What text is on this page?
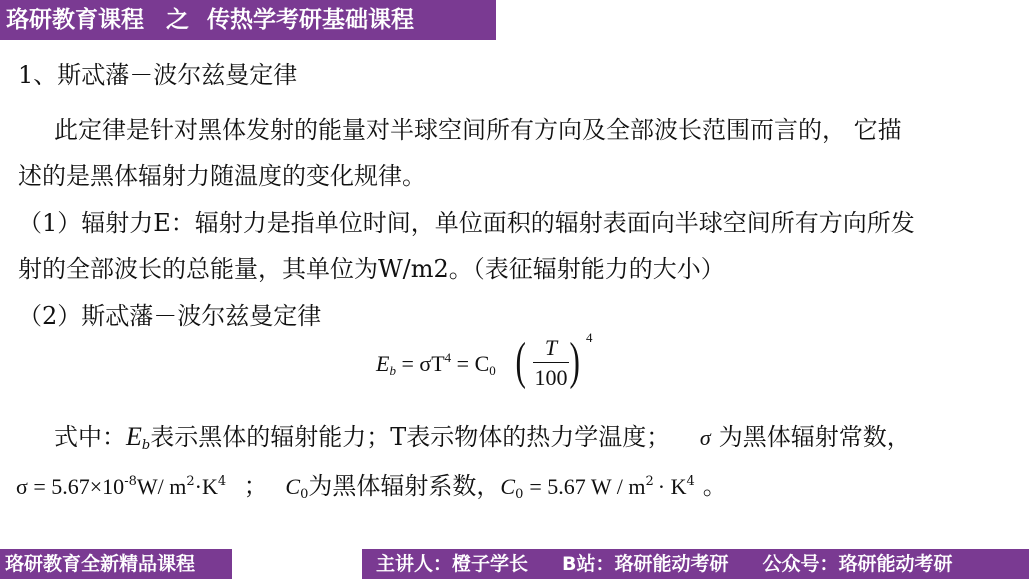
珞研教育课程 之 传热学考研基础课程
1、斯忒藩－波尔兹曼定律
此定律是针对黑体发射的能量对半球空间所有方向及全部波长范围而言的， 它描
述的是黑体辐射力随温度的变化规律。
（1）辐射力E：辐射力是指单位时间，单位面积的辐射表面向半球空间所有方向所发
射的全部波长的总能量，其单位为W/m2。（表征辐射能力的大小）
（2）斯忒藩－波尔兹曼定律
$E_b = \sigma T^4 = C_0$ ( T
100 ) 4
式中：$E_b$表示黑体的辐射能力；T表示物体的热力学温度； σ 为黑体辐射常数，
$\sigma = 5.67\times 10^{-8}W/$ $m^2\cdot K^4$ ； $C_0$为黑体辐射系数，$C_0 = 5.67$ $W / m^2 \cdot K^4$ 。
珞研教育全新精品课程	主讲人：橙子学长 B站：珞研能动考研 公众号：珞研能动考研
